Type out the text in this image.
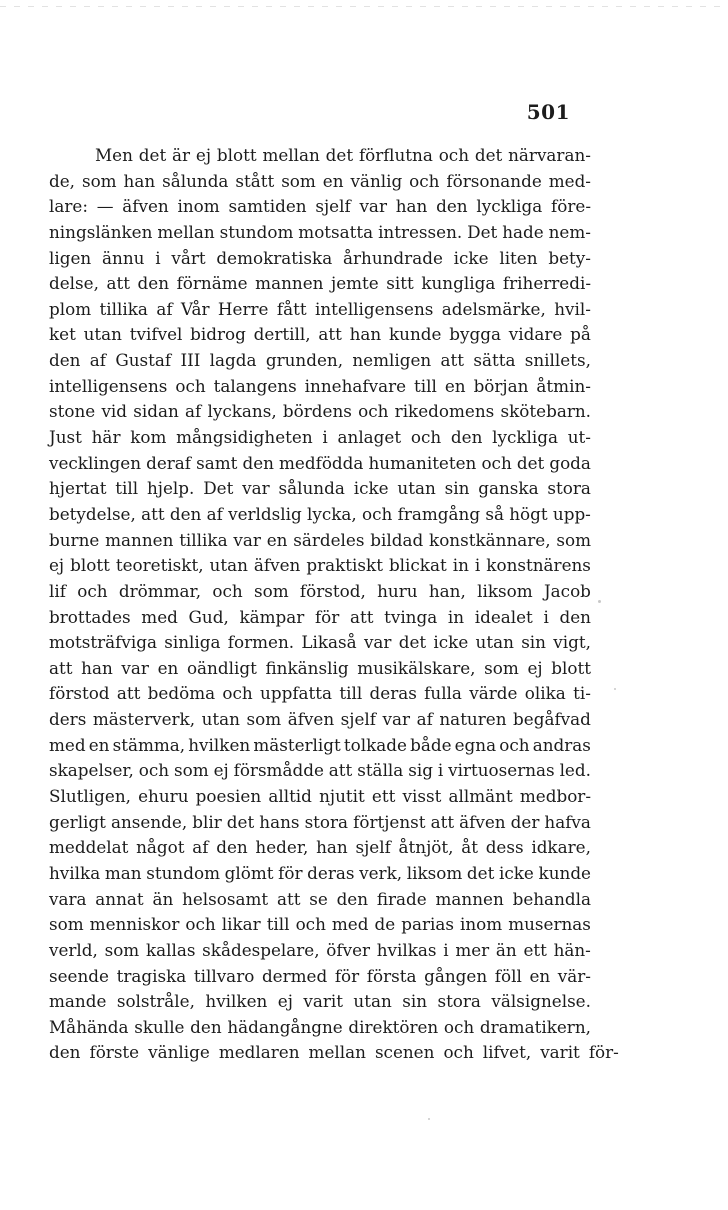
501
Men det är ej blott mellan det förflutna och det närvaran-
de, som han sålunda stått som en vänlig och försonande med-
lare: — äfven inom samtiden sjelf var han den lyckliga före-
ningslänken mellan stundom motsatta intressen. Det hade nem-
ligen ännu i vårt demokratiska århundrade icke liten bety-
delse, att den förnäme mannen jemte sitt kungliga friherredi-
plom tillika af Vår Herre fått intelligensens adelsmärke, hvil-
ket utan tvifvel bidrog dertill, att han kunde bygga vidare på
den af Gustaf III lagda grunden, nemligen att sätta snillets,
intelligensens och talangens innehafvare till en början åtmin-
stone vid sidan af lyckans, bördens och rikedomens skötebarn.
Just här kom mångsidigheten i anlaget och den lyckliga ut-
vecklingen deraf samt den medfödda humaniteten och det goda
hjertat till hjelp. Det var sålunda icke utan sin ganska stora
betydelse, att den af verldslig lycka, och framgång så högt upp-
burne mannen tillika var en särdeles bildad konstkännare, som
ej blott teoretiskt, utan äfven praktiskt blickat in i konstnärens
lif och drömmar, och som förstod, huru han, liksom Jacob
brottades med Gud, kämpar för att tvinga in idealet i den
motsträfviga sinliga formen. Likaså var det icke utan sin vigt,
att han var en oändligt finkänslig musikälskare, som ej blott
förstod att bedöma och uppfatta till deras fulla värde olika ti-
ders mästerverk, utan som äfven sjelf var af naturen begåfvad
med en stämma, hvilken mästerligt tolkade både egna och andras
skapelser, och som ej försmådde att ställa sig i virtuosernas led.
Slutligen, ehuru poesien alltid njutit ett visst allmänt medbor-
gerligt ansende, blir det hans stora förtjenst att äfven der hafva
meddelat något af den heder, han sjelf åtnjöt, åt dess idkare,
hvilka man stundom glömt för deras verk, liksom det icke kunde
vara annat än helsosamt att se den firade mannen behandla
som menniskor och likar till och med de parias inom musernas
verld, som kallas skådespelare, öfver hvilkas i mer än ett hän-
seende tragiska tillvaro dermed för första gången föll en vär-
mande solstråle, hvilken ej varit utan sin stora välsignelse.
Måhända skulle den hädangångne direktören och dramatikern,
den förste vänlige medlaren mellan scenen och lifvet, varit för-
